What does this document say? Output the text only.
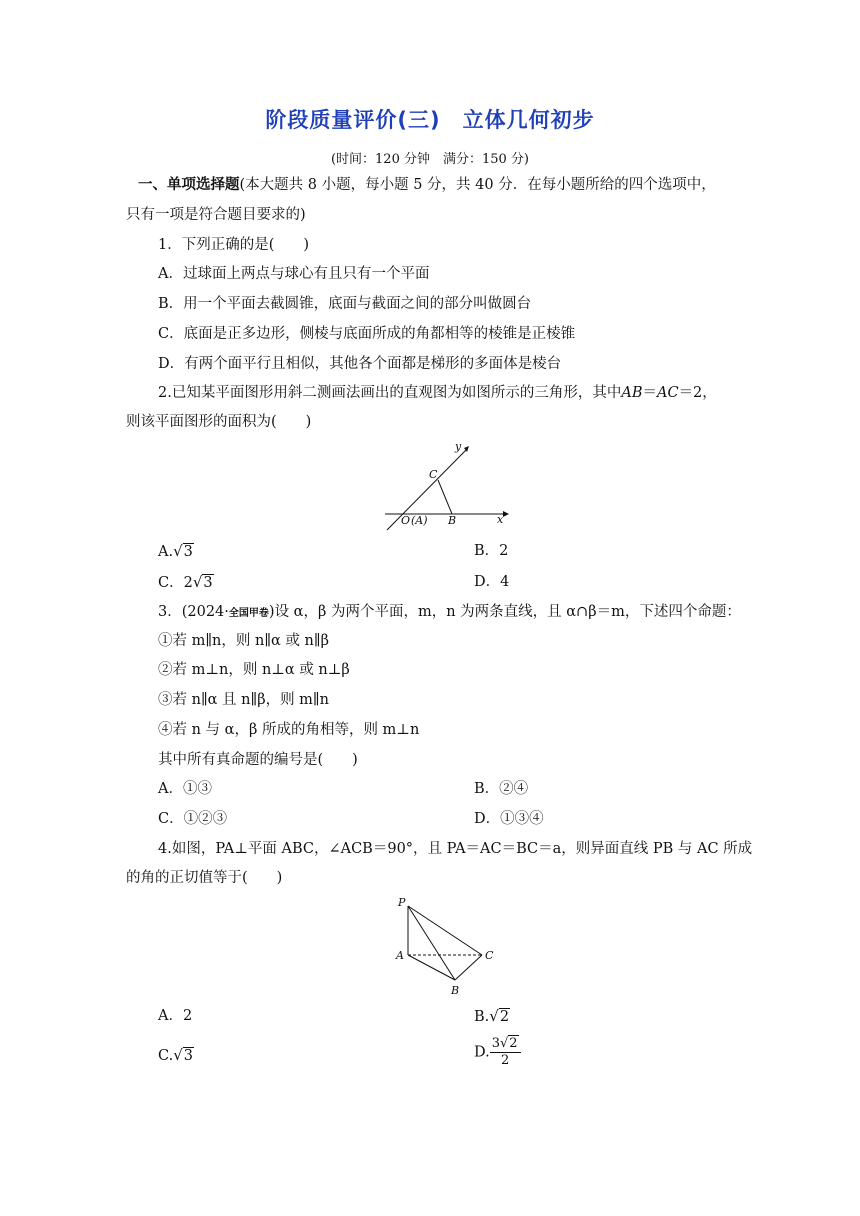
阶段质量评价(三) 立体几何初步
(时间：120 分钟　满分：150 分)
一、单项选择题(本大题共 8 小题，每小题 5 分，共 40 分．在每小题所给的四个选项中，
只有一项是符合题目要求的)
1．下列正确的是(　　)
A．过球面上两点与球心有且只有一个平面
B．用一个平面去截圆锥，底面与截面之间的部分叫做圆台
C．底面是正多边形，侧棱与底面所成的角都相等的棱锥是正棱锥
D．有两个面平行且相似，其他各个面都是梯形的多面体是棱台
2.已知某平面图形用斜二测画法画出的直观图为如图所示的三角形，其中AB＝AC＝2，
则该平面图形的面积为(　　)
y
x
C
O (A) B
A.√3	B．2
C．2√3	D．4
3．(2024·全国甲卷)设 α，β 为两个平面，m，n 为两条直线，且 α∩β＝m，下述四个命题：
①若 m∥n，则 n∥α 或 n∥β
②若 m⊥n，则 n⊥α 或 n⊥β
③若 n∥α 且 n∥β，则 m∥n
④若 n 与 α，β 所成的角相等，则 m⊥n
其中所有真命题的编号是(　　)
A．①③	B．②④
C．①②③	D．①③④
4.如图，PA⊥平面 ABC，∠ACB＝90°，且 PA＝AC＝BC＝a，则异面直线 PB 与 AC 所成
的角的正切值等于(　　)
P
A	C
B
A．2	B.√2
C.√3	D. $\frac{3√2}{2}$
